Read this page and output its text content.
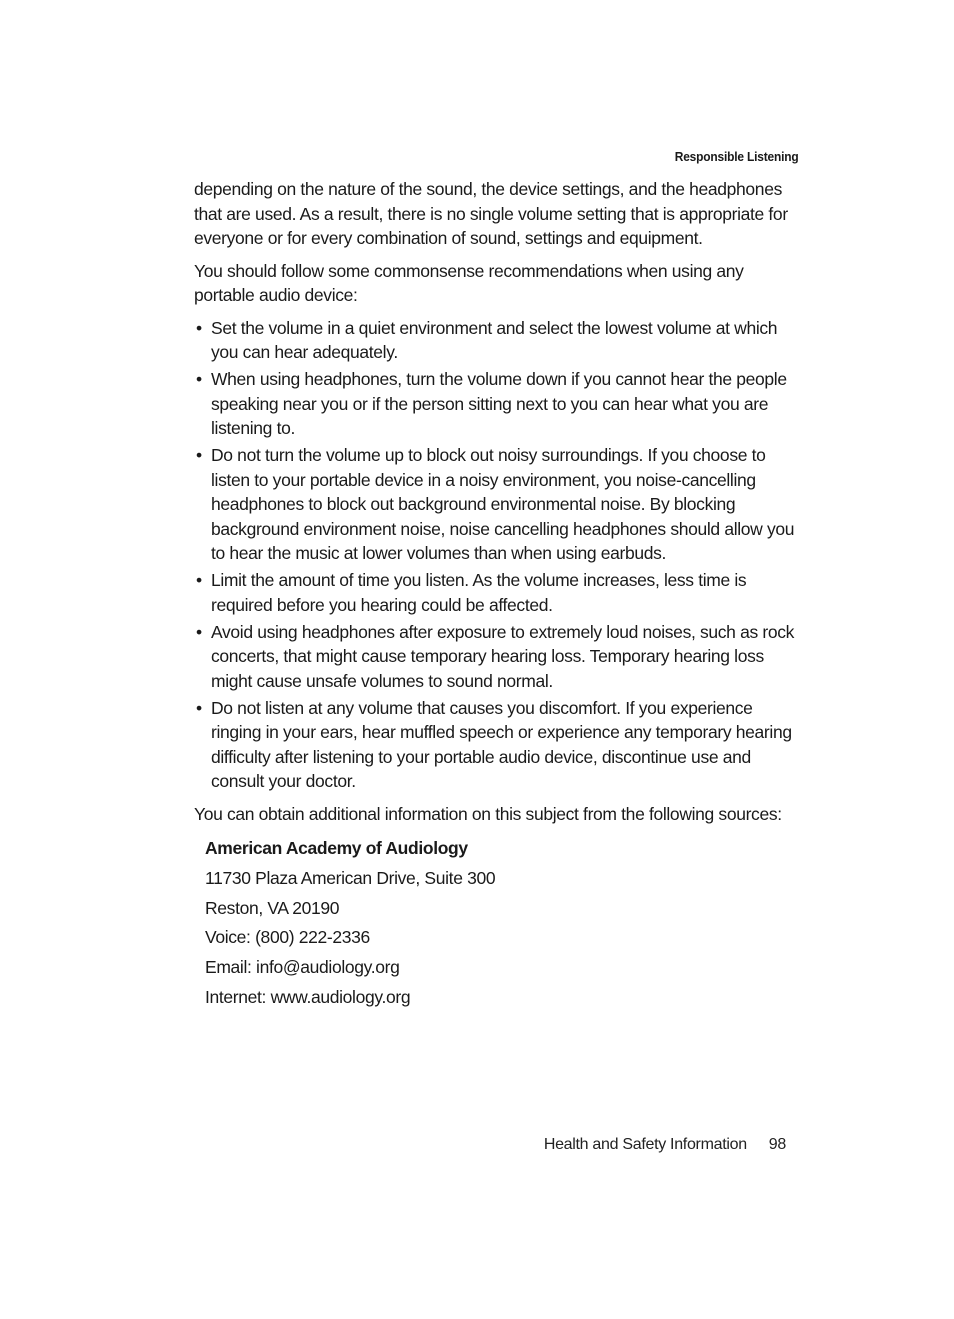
Responsible Listening

depending on the nature of the sound, the device settings, and the headphones that are used. As a result, there is no single volume setting that is appropriate for everyone or for every combination of sound, settings and equipment.

You should follow some commonsense recommendations when using any portable audio device:

• Set the volume in a quiet environment and select the lowest volume at which you can hear adequately.
• When using headphones, turn the volume down if you cannot hear the people speaking near you or if the person sitting next to you can hear what you are listening to.
• Do not turn the volume up to block out noisy surroundings. If you choose to listen to your portable device in a noisy environment, you noise-cancelling headphones to block out background environmental noise. By blocking background environment noise, noise cancelling headphones should allow you to hear the music at lower volumes than when using earbuds.
• Limit the amount of time you listen. As the volume increases, less time is required before you hearing could be affected.
• Avoid using headphones after exposure to extremely loud noises, such as rock concerts, that might cause temporary hearing loss. Temporary hearing loss might cause unsafe volumes to sound normal.
• Do not listen at any volume that causes you discomfort. If you experience ringing in your ears, hear muffled speech or experience any temporary hearing difficulty after listening to your portable audio device, discontinue use and consult your doctor.

You can obtain additional information on this subject from the following sources:

American Academy of Audiology
11730 Plaza American Drive, Suite 300
Reston, VA 20190
Voice: (800) 222-2336
Email: info@audiology.org
Internet: www.audiology.org
Health and Safety Information 98
